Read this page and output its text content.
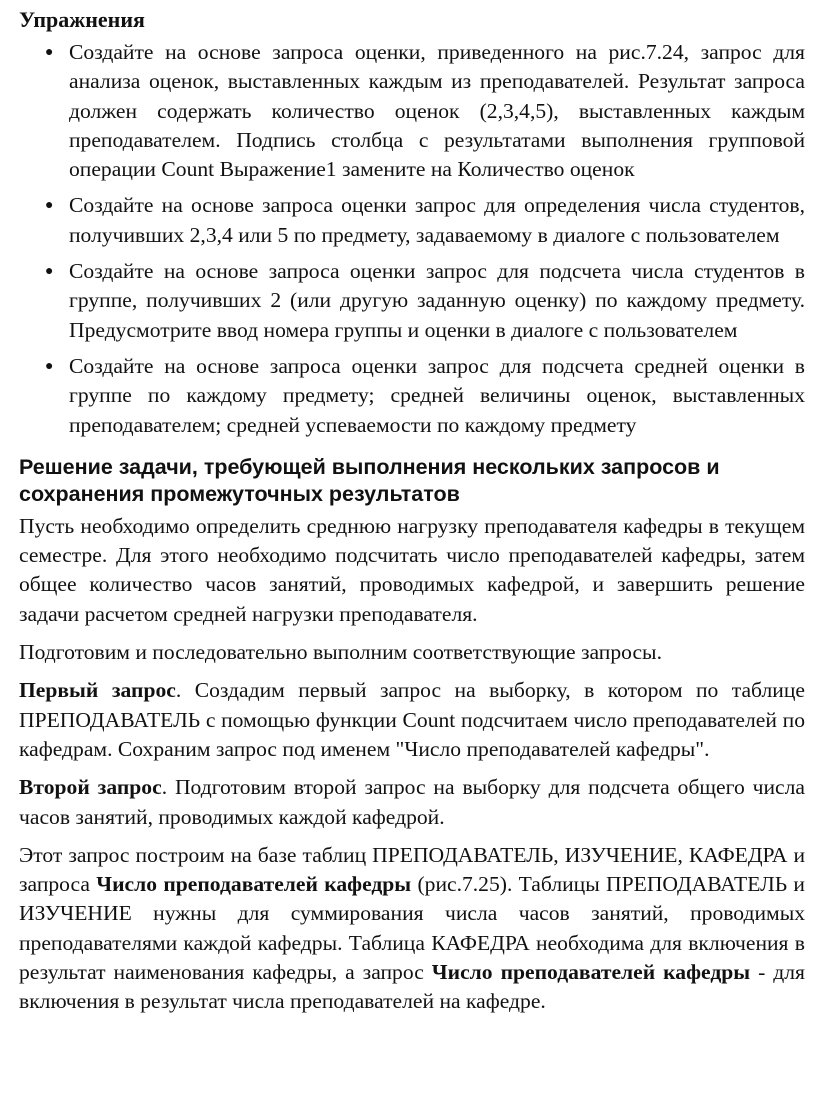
Упражнения
● Создайте на основе запроса оценки, приведенного на рис.7.24, запрос для анализа оценок, выставленных каждым из преподавателей. Результат запроса должен содержать количество оценок (2,3,4,5), выставленных каждым преподавателем. Подпись столбца с результатами выполнения групповой операции Count Выражение1 замените на Количество оценок
● Создайте на основе запроса оценки запрос для определения числа студентов, получивших 2,3,4 или 5 по предмету, задаваемому в диалоге с пользователем
● Создайте на основе запроса оценки запрос для подсчета числа студентов в группе, получивших 2 (или другую заданную оценку) по каждому предмету. Предусмотрите ввод номера группы и оценки в диалоге с пользователем
● Создайте на основе запроса оценки запрос для подсчета средней оценки в группе по каждому предмету; средней величины оценок, выставленных преподавателем; средней успеваемости по каждому предмету
Решение задачи, требующей выполнения нескольких запросов и сохранения промежуточных результатов

Пусть необходимо определить среднюю нагрузку преподавателя кафедры в текущем семестре. Для этого необходимо подсчитать число преподавателей кафедры, затем общее количество часов занятий, проводимых кафедрой, и завершить решение задачи расчетом средней нагрузки преподавателя.

Подготовим и последовательно выполним соответствующие запросы.

Первый запрос. Создадим первый запрос на выборку, в котором по таблице ПРЕПОДАВАТЕЛЬ с помощью функции Count подсчитаем число преподавателей по кафедрам. Сохраним запрос под именем "Число преподавателей кафедры".

Второй запрос. Подготовим второй запрос на выборку для подсчета общего числа часов занятий, проводимых каждой кафедрой.

Этот запрос построим на базе таблиц ПРЕПОДАВАТЕЛЬ, ИЗУЧЕНИЕ, КАФЕДРА и запроса Число преподавателей кафедры (рис.7.25). Таблицы ПРЕПОДАВАТЕЛЬ и ИЗУЧЕНИЕ нужны для суммирования числа часов занятий, проводимых преподавателями каждой кафедры. Таблица КАФЕДРА необходима для включения в результат наименования кафедры, а запрос Число преподавателей кафедры - для включения в результат числа преподавателей на кафедре.
